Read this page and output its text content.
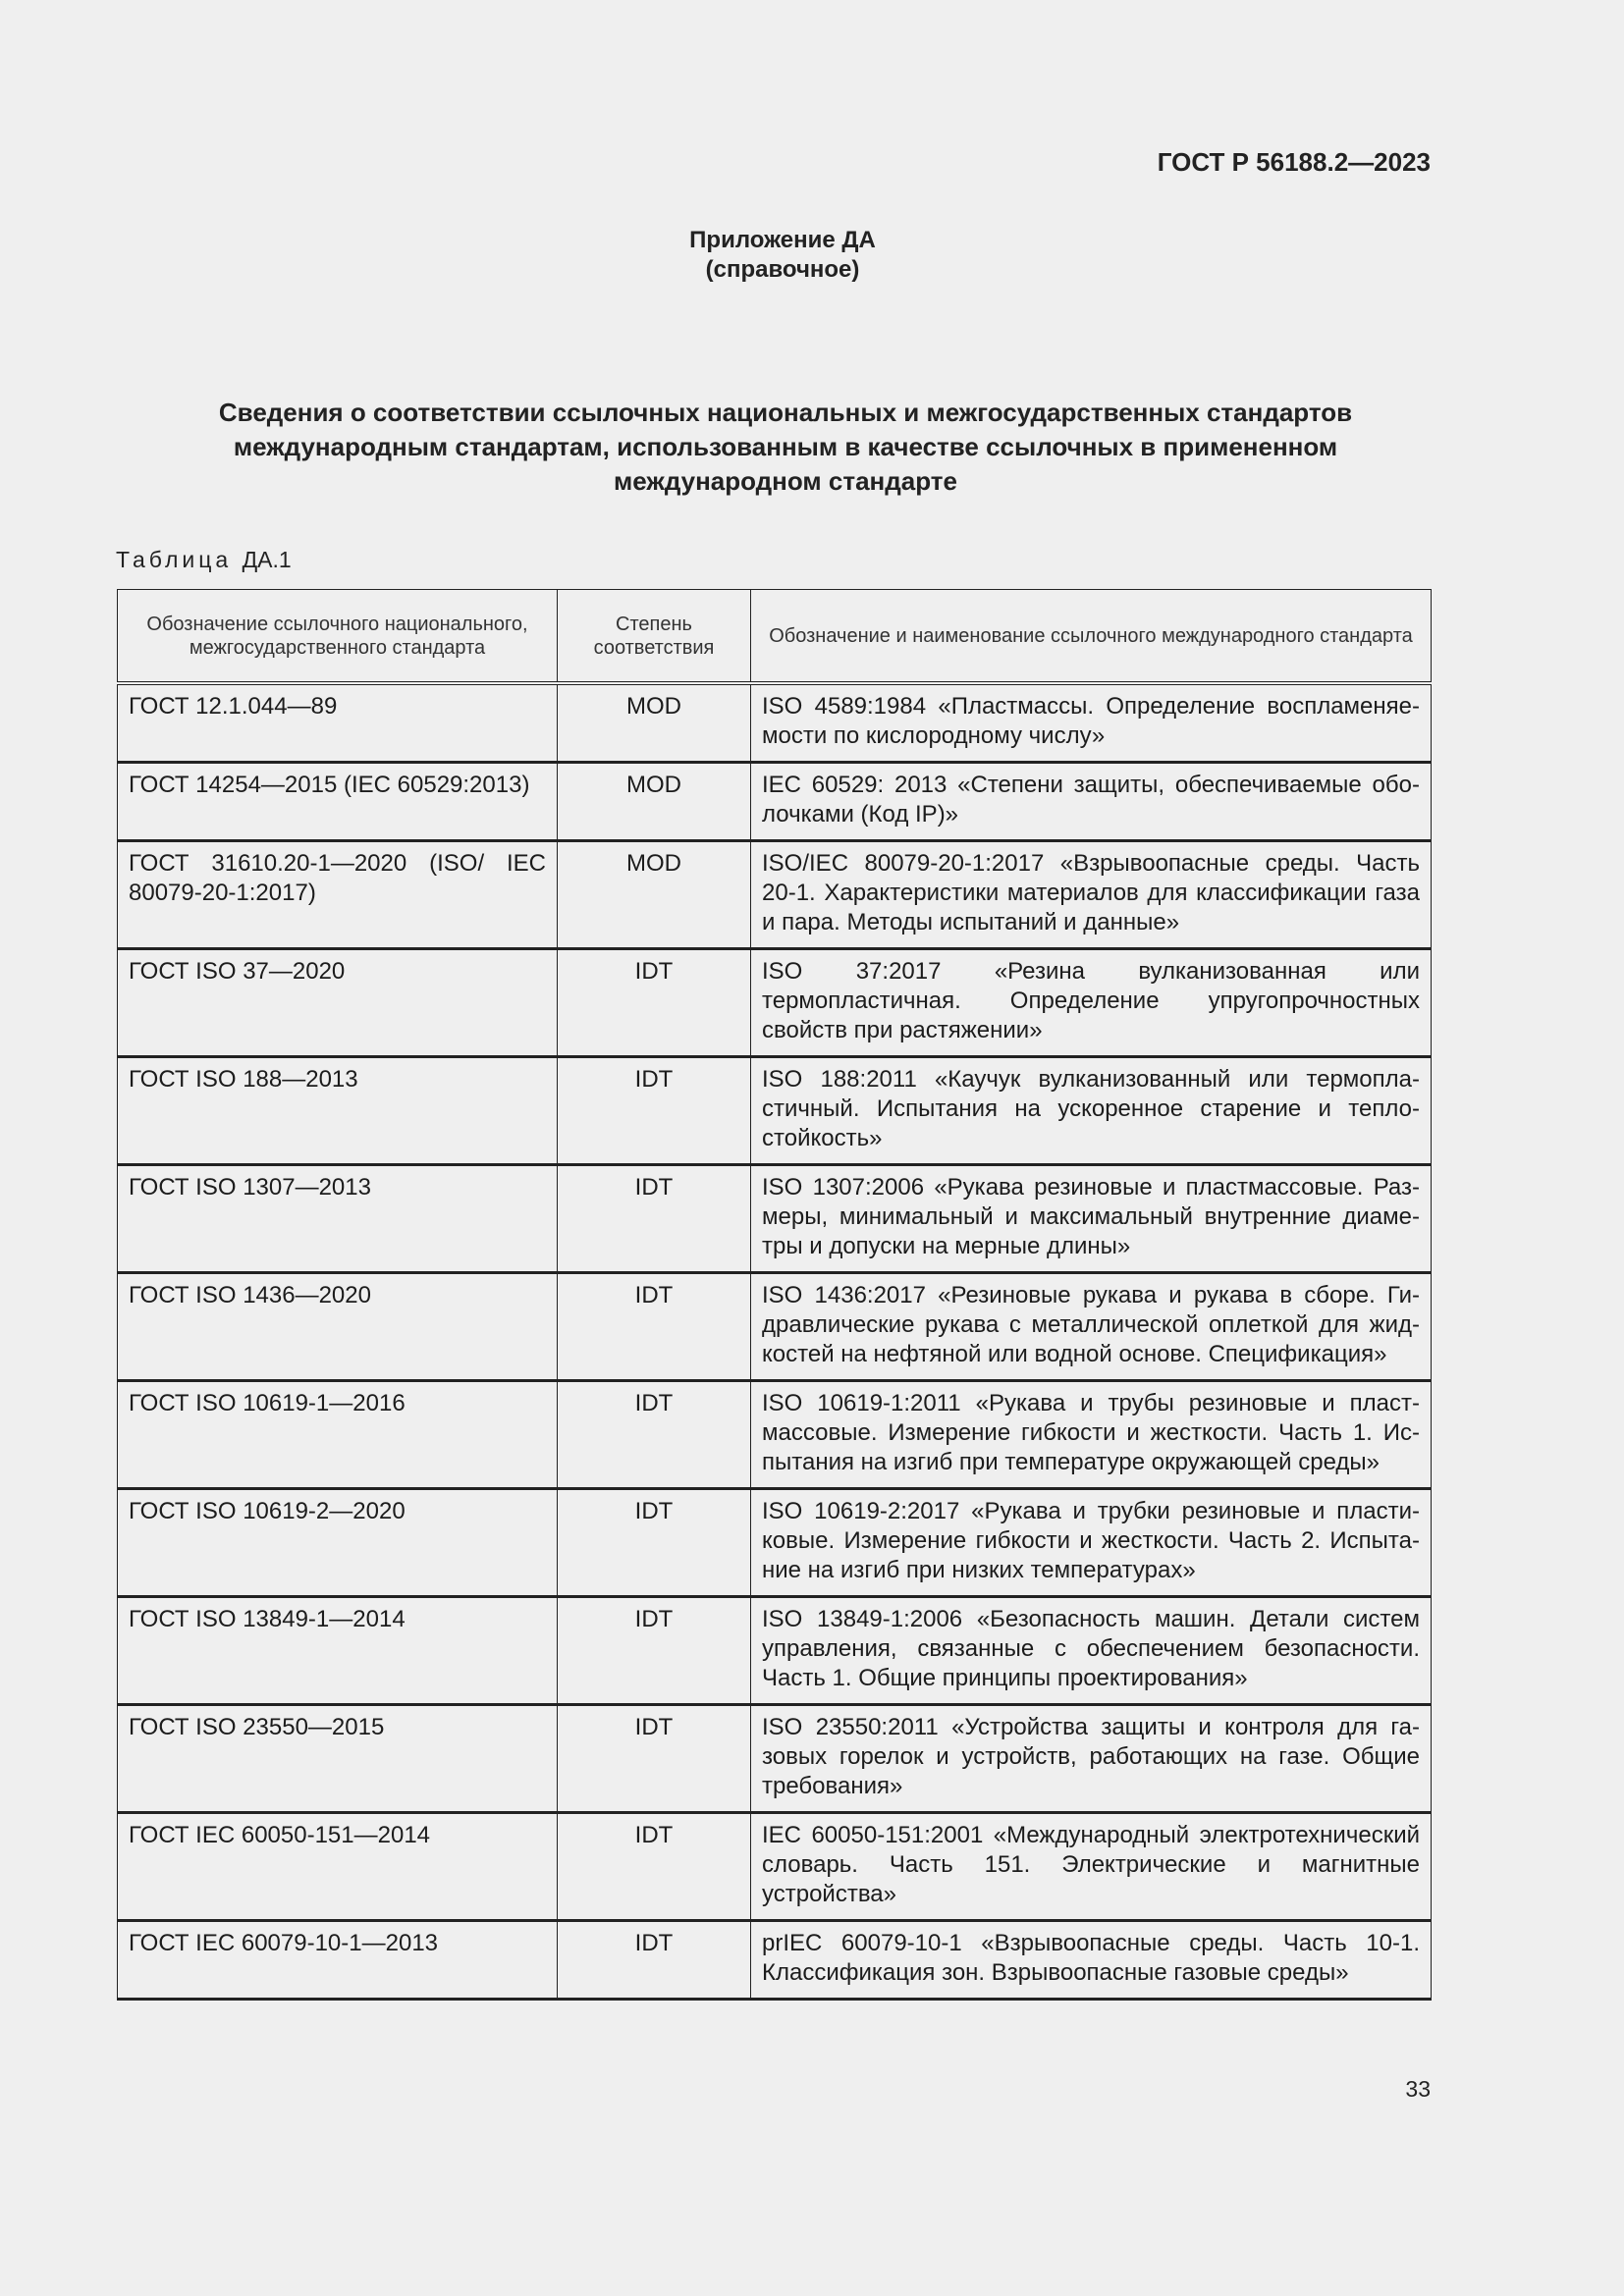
ГОСТ Р 56188.2—2023
Приложение ДА
(справочное)
Сведения о соответствии ссылочных национальных и межгосударственных стандартов
международным стандартам, использованным в качестве ссылочных в примененном
международном стандарте
Таблица ДА.1
Обозначение ссылочного национального, межгосударственного стандарта	Степень соответствия	Обозначение и наименование ссылочного международного стандарта
ГОСТ 12.1.044—89	MOD	ISO 4589:1984 «Пластмассы. Определение воспламеняемости по кислородному числу»
ГОСТ 14254—2015 (IEC 60529:2013)	MOD	IEC 60529: 2013 «Степени защиты, обеспечиваемые оболочками (Код IP)»
ГОСТ 31610.20-1—2020 (ISO/ IEC 80079-20-1:2017)	MOD	ISO/IEC 80079-20-1:2017 «Взрывоопасные среды. Часть 20-1. Характеристики материалов для классификации газа и пара. Методы испытаний и данные»
ГОСТ ISO 37—2020	IDT	ISO 37:2017 «Резина вулканизованная или термопластичная. Определение упругопрочностных свойств при растяжении»
ГОСТ ISO 188—2013	IDT	ISO 188:2011 «Каучук вулканизованный или термопластичный. Испытания на ускоренное старение и теплостойкость»
ГОСТ ISO 1307—2013	IDT	ISO 1307:2006 «Рукава резиновые и пластмассовые. Размеры, минимальный и максимальный внутренние диаметры и допуски на мерные длины»
ГОСТ ISO 1436—2020	IDT	ISO 1436:2017 «Резиновые рукава и рукава в сборе. Гидравлические рукава с металлической оплеткой для жидкостей на нефтяной или водной основе. Спецификация»
ГОСТ ISO 10619-1—2016	IDT	ISO 10619-1:2011 «Рукава и трубы резиновые и пластмассовые. Измерение гибкости и жесткости. Часть 1. Испытания на изгиб при температуре окружающей среды»
ГОСТ ISO 10619-2—2020	IDT	ISO 10619-2:2017 «Рукава и трубки резиновые и пластиковые. Измерение гибкости и жесткости. Часть 2. Испытание на изгиб при низких температурах»
ГОСТ ISO 13849-1—2014	IDT	ISO 13849-1:2006 «Безопасность машин. Детали систем управления, связанные с обеспечением безопасности. Часть 1. Общие принципы проектирования»
ГОСТ ISO 23550—2015	IDT	ISO 23550:2011 «Устройства защиты и контроля для газовых горелок и устройств, работающих на газе. Общие требования»
ГОСТ IEC 60050-151—2014	IDT	IEC 60050-151:2001 «Международный электротехнический словарь. Часть 151. Электрические и магнитные устройства»
ГОСТ IEC 60079-10-1—2013	IDT	prIEC 60079-10-1 «Взрывоопасные среды. Часть 10-1. Классификация зон. Взрывоопасные газовые среды»
33
